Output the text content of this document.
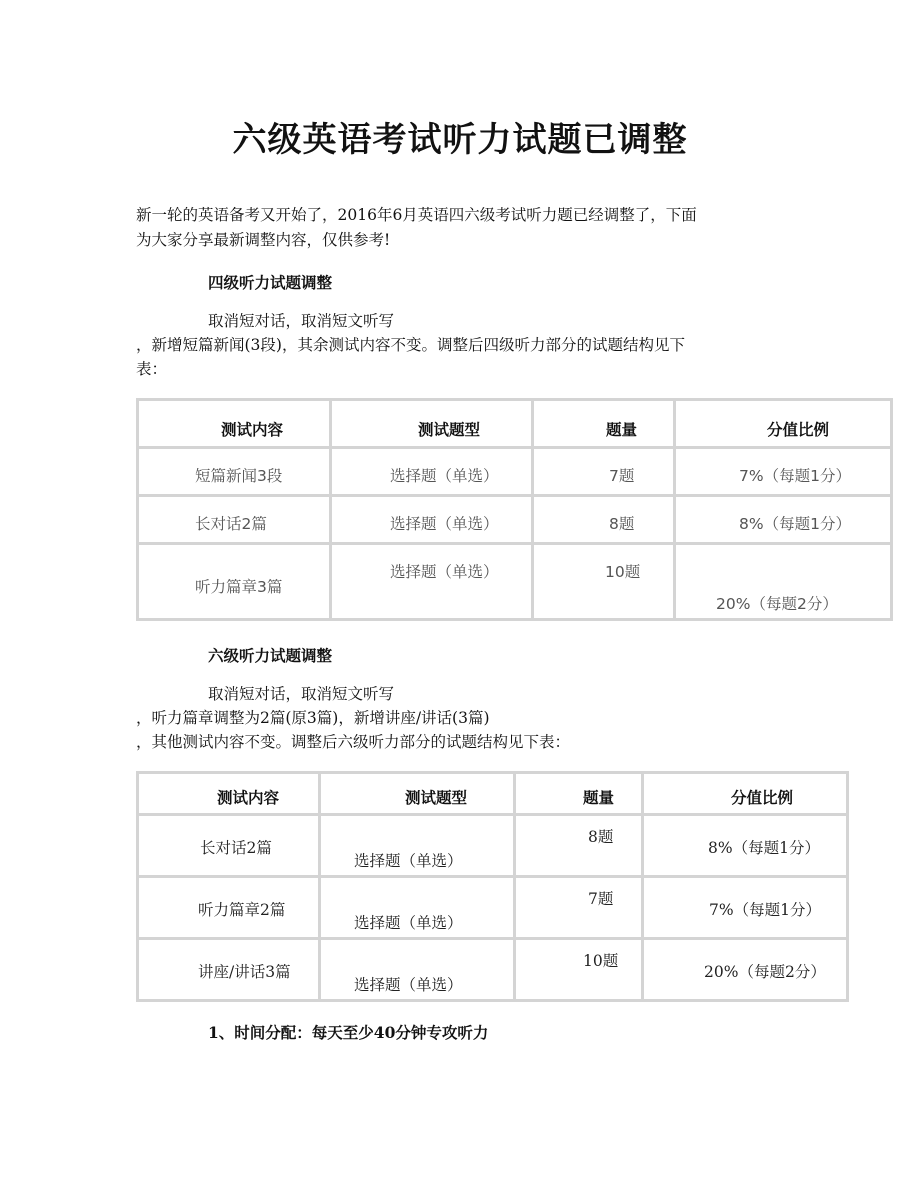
六级英语考试听力试题已调整
新一轮的英语备考又开始了，2016年6月英语四六级考试听力题已经调整了，下面
为大家分享最新调整内容，仅供参考!
四级听力试题调整
取消短对话，取消短文听写
，新增短篇新闻(3段)，其余测试内容不变。调整后四级听力部分的试题结构见下
表：
测试内容	测试题型	题量	分值比例

短篇新闻3段	选择题（单选）	7题	7%（每题1分）

长对话2篇	选择题（单选）	8题	8%（每题1分）

听力篇章3篇	选择题（单选）	10题	20%（每题2分）
六级听力试题调整
取消短对话，取消短文听写
，听力篇章调整为2篇(原3篇)，新增讲座/讲话(3篇)
，其他测试内容不变。调整后六级听力部分的试题结构见下表：
测试内容	测试题型	题量	分值比例

长对话2篇	选择题（单选）	8题	8%（每题1分）

听力篇章2篇	选择题（单选）	7题	7%（每题1分）

讲座/讲话3篇	选择题（单选）	10题	20%（每题2分）
1、时间分配：每天至少40分钟专攻听力
